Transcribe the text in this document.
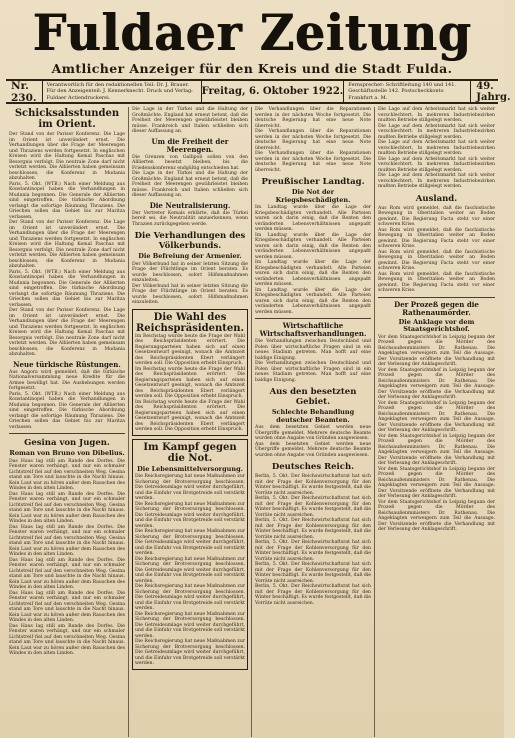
Fuldaer Zeitung
Amtlicher Anzeiger für den Kreis und die Stadt Fulda.
Nr. 230.
Verantwortlich für den redaktionellen Teil: Dr. J. Brauer. Für den Anzeigenteil: J. Kennerknecht. Druck und Verlag: Fuldaer Actiendruckerei.
Freitag, 6. Oktober 1922.
Fernsprecher: Schriftleitung 140 und 141. Geschäftsstelle 142. Postscheckkonto Frankfurt a. M.
49. Jahrg.
Schicksalsstunden im Orient.

Der Stand von der Pariser Konferenz. Die Lage im Orient ist unverändert ernst. Die Verhandlungen über die Frage der Meerengen und Thraziens werden fortgesetzt. In englischen Kreisen wird die Haltung Kemal Paschas mit Besorgnis verfolgt. Die neutrale Zone darf nicht verletzt werden. Die Alliierten haben gemeinsam beschlossen, die Konferenz in Mudania abzuhalten.

Paris, 5. Okt. (WTB.) Nach einer Meldung aus Konstantinopel haben die Verhandlungen in Mudania begonnen. Die Generale der Alliierten sind eingetroffen. Die türkische Abordnung verlangt die sofortige Räumung Thraziens. Die Griechen sollen das Gebiet bis zur Maritza verlassen.

Der Stand von der Pariser Konferenz. Die Lage im Orient ist unverändert ernst. Die Verhandlungen über die Frage der Meerengen und Thraziens werden fortgesetzt. In englischen Kreisen wird die Haltung Kemal Paschas mit Besorgnis verfolgt. Die neutrale Zone darf nicht verletzt werden. Die Alliierten haben gemeinsam beschlossen, die Konferenz in Mudania abzuhalten.

Paris, 5. Okt. (WTB.) Nach einer Meldung aus Konstantinopel haben die Verhandlungen in Mudania begonnen. Die Generale der Alliierten sind eingetroffen. Die türkische Abordnung verlangt die sofortige Räumung Thraziens. Die Griechen sollen das Gebiet bis zur Maritza verlassen.

Der Stand von der Pariser Konferenz. Die Lage im Orient ist unverändert ernst. Die Verhandlungen über die Frage der Meerengen und Thraziens werden fortgesetzt. In englischen Kreisen wird die Haltung Kemal Paschas mit Besorgnis verfolgt. Die neutrale Zone darf nicht verletzt werden. Die Alliierten haben gemeinsam beschlossen, die Konferenz in Mudania abzuhalten.

Neue türkische Rüstungen.

Aus Angora wird gemeldet, daß die türkische Nationalversammlung neue Kredite für die Armee bewilligt hat. Die Aushebungen werden fortgesetzt.

Paris, 5. Okt. (WTB.) Nach einer Meldung aus Konstantinopel haben die Verhandlungen in Mudania begonnen. Die Generale der Alliierten sind eingetroffen. Die türkische Abordnung verlangt die sofortige Räumung Thraziens. Die Griechen sollen das Gebiet bis zur Maritza verlassen.

Gesina von Jugen.
Roman von Bruno von Dibelius.

Das Haus lag still am Rande des Dorfes. Die Fenster waren verhängt, und nur ein schmaler Lichtstreif fiel auf den verschneiten Weg. Gesina stand am Tore und lauschte in die Nacht hinaus. Kein Laut war zu hören außer dem Rauschen des Windes in den alten Linden.

Das Haus lag still am Rande des Dorfes. Die Fenster waren verhängt, und nur ein schmaler Lichtstreif fiel auf den verschneiten Weg. Gesina stand am Tore und lauschte in die Nacht hinaus. Kein Laut war zu hören außer dem Rauschen des Windes in den alten Linden.

Das Haus lag still am Rande des Dorfes. Die Fenster waren verhängt, und nur ein schmaler Lichtstreif fiel auf den verschneiten Weg. Gesina stand am Tore und lauschte in die Nacht hinaus. Kein Laut war zu hören außer dem Rauschen des Windes in den alten Linden.

Das Haus lag still am Rande des Dorfes. Die Fenster waren verhängt, und nur ein schmaler Lichtstreif fiel auf den verschneiten Weg. Gesina stand am Tore und lauschte in die Nacht hinaus. Kein Laut war zu hören außer dem Rauschen des Windes in den alten Linden.

Das Haus lag still am Rande des Dorfes. Die Fenster waren verhängt, und nur ein schmaler Lichtstreif fiel auf den verschneiten Weg. Gesina stand am Tore und lauschte in die Nacht hinaus. Kein Laut war zu hören außer dem Rauschen des Windes in den alten Linden.

Das Haus lag still am Rande des Dorfes. Die Fenster waren verhängt, und nur ein schmaler Lichtstreif fiel auf den verschneiten Weg. Gesina stand am Tore und lauschte in die Nacht hinaus. Kein Laut war zu hören außer dem Rauschen des Windes in den alten Linden.

Die Lage in der Türkei und die Haltung der Großmächte. England hat erneut betont, daß die Freiheit der Meerengen gewährleistet bleiben müsse. Frankreich und Italien schließen sich dieser Auffassung an.

Um die Freiheit der Meerengen.

Die Grenzen von Gallipoli sollen von den Alliierten besetzt bleiben, bis die Friedenskonferenz endgültig entschieden hat.

Die Lage in der Türkei und die Haltung der Großmächte. England hat erneut betont, daß die Freiheit der Meerengen gewährleistet bleiben müsse. Frankreich und Italien schließen sich dieser Auffassung an.

Die Neutralisierung.

Der Vertreter Kemals erklärte, daß die Türkei bereit sei, die Neutralität anzuerkennen, wenn Thrazien zurückgegeben werde.

Die Verhandlungen des Völkerbunds.
Die Befreiung der Armenier.

Der Völkerbund hat in seiner letzten Sitzung die Frage der Flüchtlinge im Orient beraten. Es wurde beschlossen, sofort Hilfsmaßnahmen einzuleiten.

Der Völkerbund hat in seiner letzten Sitzung die Frage der Flüchtlinge im Orient beraten. Es wurde beschlossen, sofort Hilfsmaßnahmen einzuleiten.

Die Wahl des Reichspräsidenten.

Im Reichstag wurde heute die Frage der Wahl des Reichspräsidenten erörtert. Die Regierungsparteien haben sich auf einen Gesetzentwurf geeinigt, wonach die Amtszeit des Reichspräsidenten Ebert verlängert werden soll. Die Opposition erhebt Einspruch.

Im Reichstag wurde heute die Frage der Wahl des Reichspräsidenten erörtert. Die Regierungsparteien haben sich auf einen Gesetzentwurf geeinigt, wonach die Amtszeit des Reichspräsidenten Ebert verlängert werden soll. Die Opposition erhebt Einspruch.

Im Reichstag wurde heute die Frage der Wahl des Reichspräsidenten erörtert. Die Regierungsparteien haben sich auf einen Gesetzentwurf geeinigt, wonach die Amtszeit des Reichspräsidenten Ebert verlängert werden soll. Die Opposition erhebt Einspruch.

Im Kampf gegen die Not.
Die Lebensmittelversorgung.

Die Reichsregierung hat neue Maßnahmen zur Sicherung der Brotversorgung beschlossen. Die Getreideumlage wird weiter durchgeführt, und die Einfuhr von Brotgetreide soll verstärkt werden.

Die Reichsregierung hat neue Maßnahmen zur Sicherung der Brotversorgung beschlossen. Die Getreideumlage wird weiter durchgeführt, und die Einfuhr von Brotgetreide soll verstärkt werden.

Die Reichsregierung hat neue Maßnahmen zur Sicherung der Brotversorgung beschlossen. Die Getreideumlage wird weiter durchgeführt, und die Einfuhr von Brotgetreide soll verstärkt werden.

Die Reichsregierung hat neue Maßnahmen zur Sicherung der Brotversorgung beschlossen. Die Getreideumlage wird weiter durchgeführt, und die Einfuhr von Brotgetreide soll verstärkt werden.

Die Reichsregierung hat neue Maßnahmen zur Sicherung der Brotversorgung beschlossen. Die Getreideumlage wird weiter durchgeführt, und die Einfuhr von Brotgetreide soll verstärkt werden.

Die Reichsregierung hat neue Maßnahmen zur Sicherung der Brotversorgung beschlossen. Die Getreideumlage wird weiter durchgeführt, und die Einfuhr von Brotgetreide soll verstärkt werden.

Die Reichsregierung hat neue Maßnahmen zur Sicherung der Brotversorgung beschlossen. Die Getreideumlage wird weiter durchgeführt, und die Einfuhr von Brotgetreide soll verstärkt werden.

Die Verhandlungen über die Reparationen werden in der nächsten Woche fortgesetzt. Die deutsche Regierung hat eine neue Note überreicht.

Die Verhandlungen über die Reparationen werden in der nächsten Woche fortgesetzt. Die deutsche Regierung hat eine neue Note überreicht.

Die Verhandlungen über die Reparationen werden in der nächsten Woche fortgesetzt. Die deutsche Regierung hat eine neue Note überreicht.

Preußischer Landtag.
Die Not der Kriegsbeschädigten.

Im Landtag wurde über die Lage der Kriegsbeschädigten verhandelt. Alle Parteien waren sich darin einig, daß die Renten den veränderten Lebensverhältnissen angepaßt werden müssen.

Im Landtag wurde über die Lage der Kriegsbeschädigten verhandelt. Alle Parteien waren sich darin einig, daß die Renten den veränderten Lebensverhältnissen angepaßt werden müssen.

Im Landtag wurde über die Lage der Kriegsbeschädigten verhandelt. Alle Parteien waren sich darin einig, daß die Renten den veränderten Lebensverhältnissen angepaßt werden müssen.

Im Landtag wurde über die Lage der Kriegsbeschädigten verhandelt. Alle Parteien waren sich darin einig, daß die Renten den veränderten Lebensverhältnissen angepaßt werden müssen.

Wirtschaftliche Wirtschaftsverhandlungen.

Die Verhandlungen zwischen Deutschland und Polen über wirtschaftliche Fragen sind in ein neues Stadium getreten. Man hofft auf eine baldige Einigung.

Die Verhandlungen zwischen Deutschland und Polen über wirtschaftliche Fragen sind in ein neues Stadium getreten. Man hofft auf eine baldige Einigung.

Aus den besetzten Gebiet.
Schlechte Behandlung deutscher Beamten.

Aus dem besetzten Gebiet werden neue Übergriffe gemeldet. Mehrere deutsche Beamte wurden ohne Angabe von Gründen ausgewiesen.

Aus dem besetzten Gebiet werden neue Übergriffe gemeldet. Mehrere deutsche Beamte wurden ohne Angabe von Gründen ausgewiesen.

Deutsches Reich.

Berlin, 5. Okt. Der Reichswirtschaftsrat hat sich mit der Frage der Kohlenversorgung für den Winter beschäftigt. Es wurde festgestellt, daß die Vorräte nicht ausreichen.

Berlin, 5. Okt. Der Reichswirtschaftsrat hat sich mit der Frage der Kohlenversorgung für den Winter beschäftigt. Es wurde festgestellt, daß die Vorräte nicht ausreichen.

Berlin, 5. Okt. Der Reichswirtschaftsrat hat sich mit der Frage der Kohlenversorgung für den Winter beschäftigt. Es wurde festgestellt, daß die Vorräte nicht ausreichen.

Berlin, 5. Okt. Der Reichswirtschaftsrat hat sich mit der Frage der Kohlenversorgung für den Winter beschäftigt. Es wurde festgestellt, daß die Vorräte nicht ausreichen.

Berlin, 5. Okt. Der Reichswirtschaftsrat hat sich mit der Frage der Kohlenversorgung für den Winter beschäftigt. Es wurde festgestellt, daß die Vorräte nicht ausreichen.

Berlin, 5. Okt. Der Reichswirtschaftsrat hat sich mit der Frage der Kohlenversorgung für den Winter beschäftigt. Es wurde festgestellt, daß die Vorräte nicht ausreichen.

Die Lage auf dem Arbeitsmarkt hat sich weiter verschlechtert. In mehreren Industriebezirken mußten Betriebe stillgelegt werden.

Die Lage auf dem Arbeitsmarkt hat sich weiter verschlechtert. In mehreren Industriebezirken mußten Betriebe stillgelegt werden.

Die Lage auf dem Arbeitsmarkt hat sich weiter verschlechtert. In mehreren Industriebezirken mußten Betriebe stillgelegt werden.

Die Lage auf dem Arbeitsmarkt hat sich weiter verschlechtert. In mehreren Industriebezirken mußten Betriebe stillgelegt werden.

Die Lage auf dem Arbeitsmarkt hat sich weiter verschlechtert. In mehreren Industriebezirken mußten Betriebe stillgelegt werden.

Ausland.

Aus Rom wird gemeldet, daß die faschistische Bewegung in Oberitalien weiter an Boden gewinnt. Die Regierung Facta steht vor einer schweren Krise.

Aus Rom wird gemeldet, daß die faschistische Bewegung in Oberitalien weiter an Boden gewinnt. Die Regierung Facta steht vor einer schweren Krise.

Aus Rom wird gemeldet, daß die faschistische Bewegung in Oberitalien weiter an Boden gewinnt. Die Regierung Facta steht vor einer schweren Krise.

Aus Rom wird gemeldet, daß die faschistische Bewegung in Oberitalien weiter an Boden gewinnt. Die Regierung Facta steht vor einer schweren Krise.

Der Prozeß gegen die Rathenaumörder.
Die Anklage vor dem Staatsgerichtshof.

Vor dem Staatsgerichtshof in Leipzig begann der Prozeß gegen die Mörder des Reichsaußenministers Dr. Rathenau. Die Angeklagten verweigern zum Teil die Aussage. Der Vorsitzende eröffnete die Verhandlung mit der Verlesung der Anklageschrift.

Vor dem Staatsgerichtshof in Leipzig begann der Prozeß gegen die Mörder des Reichsaußenministers Dr. Rathenau. Die Angeklagten verweigern zum Teil die Aussage. Der Vorsitzende eröffnete die Verhandlung mit der Verlesung der Anklageschrift.

Vor dem Staatsgerichtshof in Leipzig begann der Prozeß gegen die Mörder des Reichsaußenministers Dr. Rathenau. Die Angeklagten verweigern zum Teil die Aussage. Der Vorsitzende eröffnete die Verhandlung mit der Verlesung der Anklageschrift.

Vor dem Staatsgerichtshof in Leipzig begann der Prozeß gegen die Mörder des Reichsaußenministers Dr. Rathenau. Die Angeklagten verweigern zum Teil die Aussage. Der Vorsitzende eröffnete die Verhandlung mit der Verlesung der Anklageschrift.

Vor dem Staatsgerichtshof in Leipzig begann der Prozeß gegen die Mörder des Reichsaußenministers Dr. Rathenau. Die Angeklagten verweigern zum Teil die Aussage. Der Vorsitzende eröffnete die Verhandlung mit der Verlesung der Anklageschrift.

Vor dem Staatsgerichtshof in Leipzig begann der Prozeß gegen die Mörder des Reichsaußenministers Dr. Rathenau. Die Angeklagten verweigern zum Teil die Aussage. Der Vorsitzende eröffnete die Verhandlung mit der Verlesung der Anklageschrift.
